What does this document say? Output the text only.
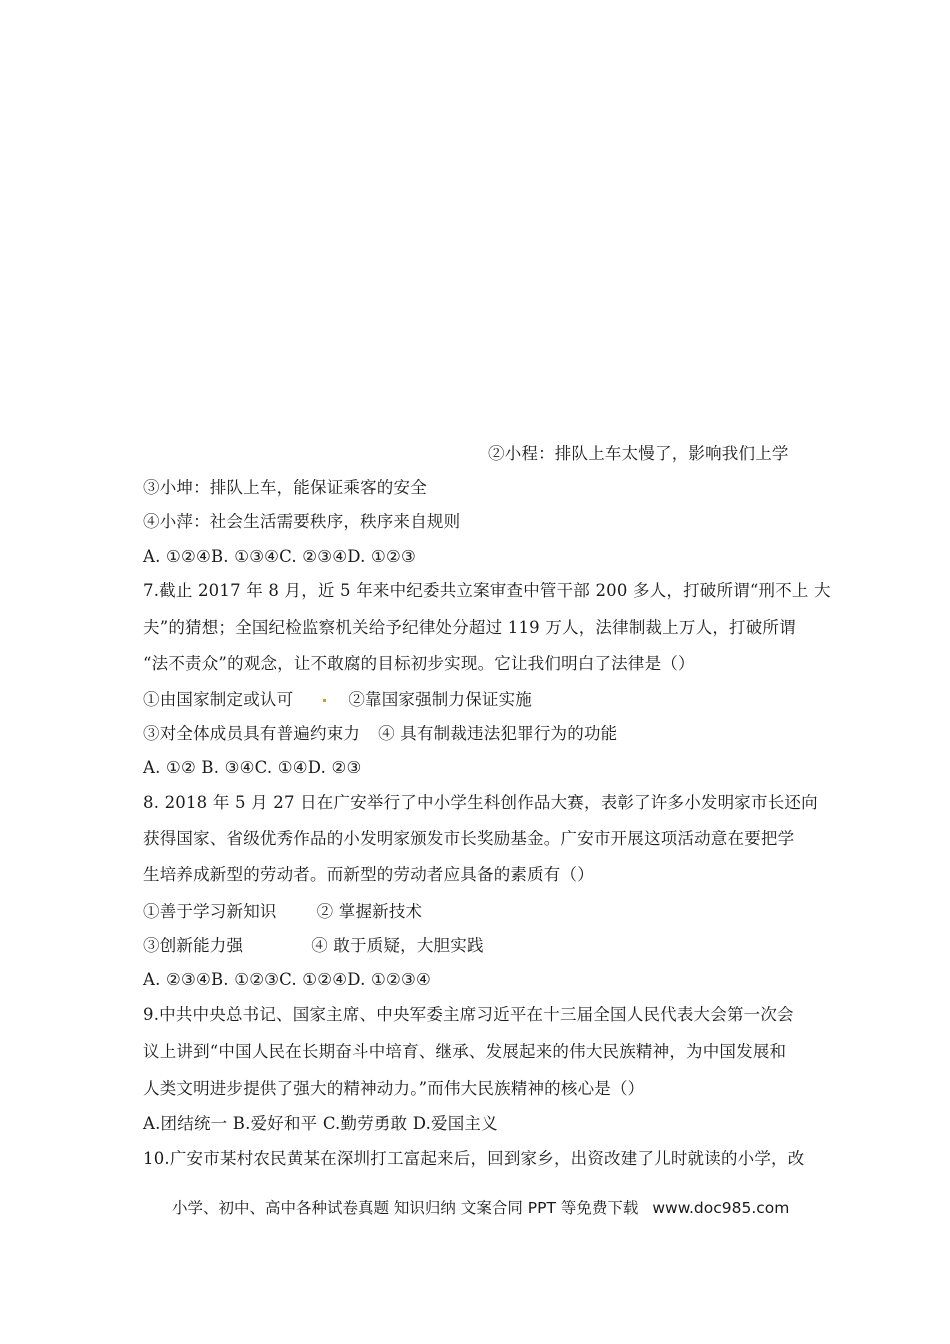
②小程：排队上车太慢了，影响我们上学
③小坤：排队上车，能保证乘客的安全
④小萍：社会生活需要秩序，秩序来自规则
A. ①②④B. ①③④C. ②③④D. ①②③
7.截止 2017 年 8 月，近 5 年来中纪委共立案审查中管干部 200 多人，打破所谓“刑不上 大
夫”的猜想；全国纪检监察机关给予纪律处分超过 119 万人，法律制裁上万人，打破所谓
“法不责众”的观念，让不敢腐的目标初步实现。它让我们明白了法律是（）
①由国家制定或认可	②靠国家强制力保证实施
③对全体成员具有普遍约束力 ④ 具有制裁违法犯罪行为的功能
A. ①② B. ③④C. ①④D. ②③
8. 2018 年 5 月 27 日在广安举行了中小学生科创作品大赛，表彰了许多小发明家市长还向
获得国家、省级优秀作品的小发明家颁发市长奖励基金。广安市开展这项活动意在要把学
生培养成新型的劳动者。而新型的劳动者应具备的素质有（）
①善于学习新知识 ② 掌握新技术
③创新能力强	④ 敢于质疑，大胆实践
A. ②③④B. ①②③C. ①②④D. ①②③④
9.中共中央总书记、国家主席、中央军委主席习近平在十三届全国人民代表大会第一次会
议上讲到“中国人民在长期奋斗中培育、继承、发展起来的伟大民族精神，为中国发展和
人类文明进步提供了强大的精神动力。”而伟大民族精神的核心是（）
A.团结统一 B.爱好和平 C.勤劳勇敢 D.爱国主义
10.广安市某村农民黄某在深圳打工富起来后，回到家乡，出资改建了儿时就读的小学，改
小学、初中、高中各种试卷真题 知识归纳 文案合同 PPT 等免费下载 www.doc985.com
